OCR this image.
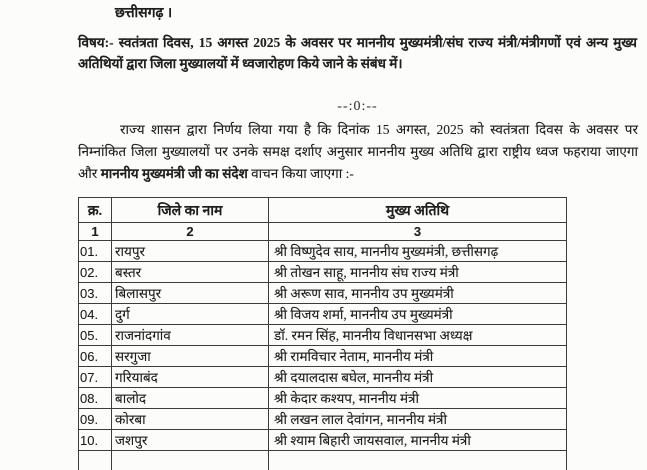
छत्तीसगढ़ ।

विषय:- स्वतंत्रता दिवस, 15 अगस्त 2025 के अवसर पर माननीय मुख्यमंत्री/संघ राज्य मंत्री/मंत्रीगणों एवं अन्य मुख्य अतिथियों द्वारा जिला मुख्यालयों में ध्वजारोहण किये जाने के संबंध में।

--:0:--

राज्य शासन द्वारा निर्णय लिया गया है कि दिनांक 15 अगस्त, 2025 को स्वतंत्रता दिवस के अवसर पर निम्नांकित जिला मुख्यालयों पर उनके समक्ष दर्शाए अनुसार माननीय मुख्य अतिथि द्वारा राष्ट्रीय ध्वज फहराया जाएगा और माननीय मुख्यमंत्री जी का संदेश वाचन किया जाएगा :-

क्र.	जिले का नाम	मुख्य अतिथि
1	2	3
01.	रायपुर	श्री विष्णुदेव साय, माननीय मुख्यमंत्री, छत्तीसगढ़
02.	बस्तर	श्री तोखन साहू, माननीय संघ राज्य मंत्री
03.	बिलासपुर	श्री अरूण साव, माननीय उप मुख्यमंत्री
04.	दुर्ग	श्री विजय शर्मा, माननीय उप मुख्यमंत्री
05.	राजनांदगांव	डॉ. रमन सिंह, माननीय विधानसभा अध्यक्ष
06.	सरगुजा	श्री रामविचार नेताम, माननीय मंत्री
07.	गरियाबंद	श्री दयालदास बघेल, माननीय मंत्री
08.	बालोद	श्री केदार कश्यप, माननीय मंत्री
09.	कोरबा	श्री लखन लाल देवांगन, माननीय मंत्री
10.	जशपुर	श्री श्याम बिहारी जायसवाल, माननीय मंत्री
